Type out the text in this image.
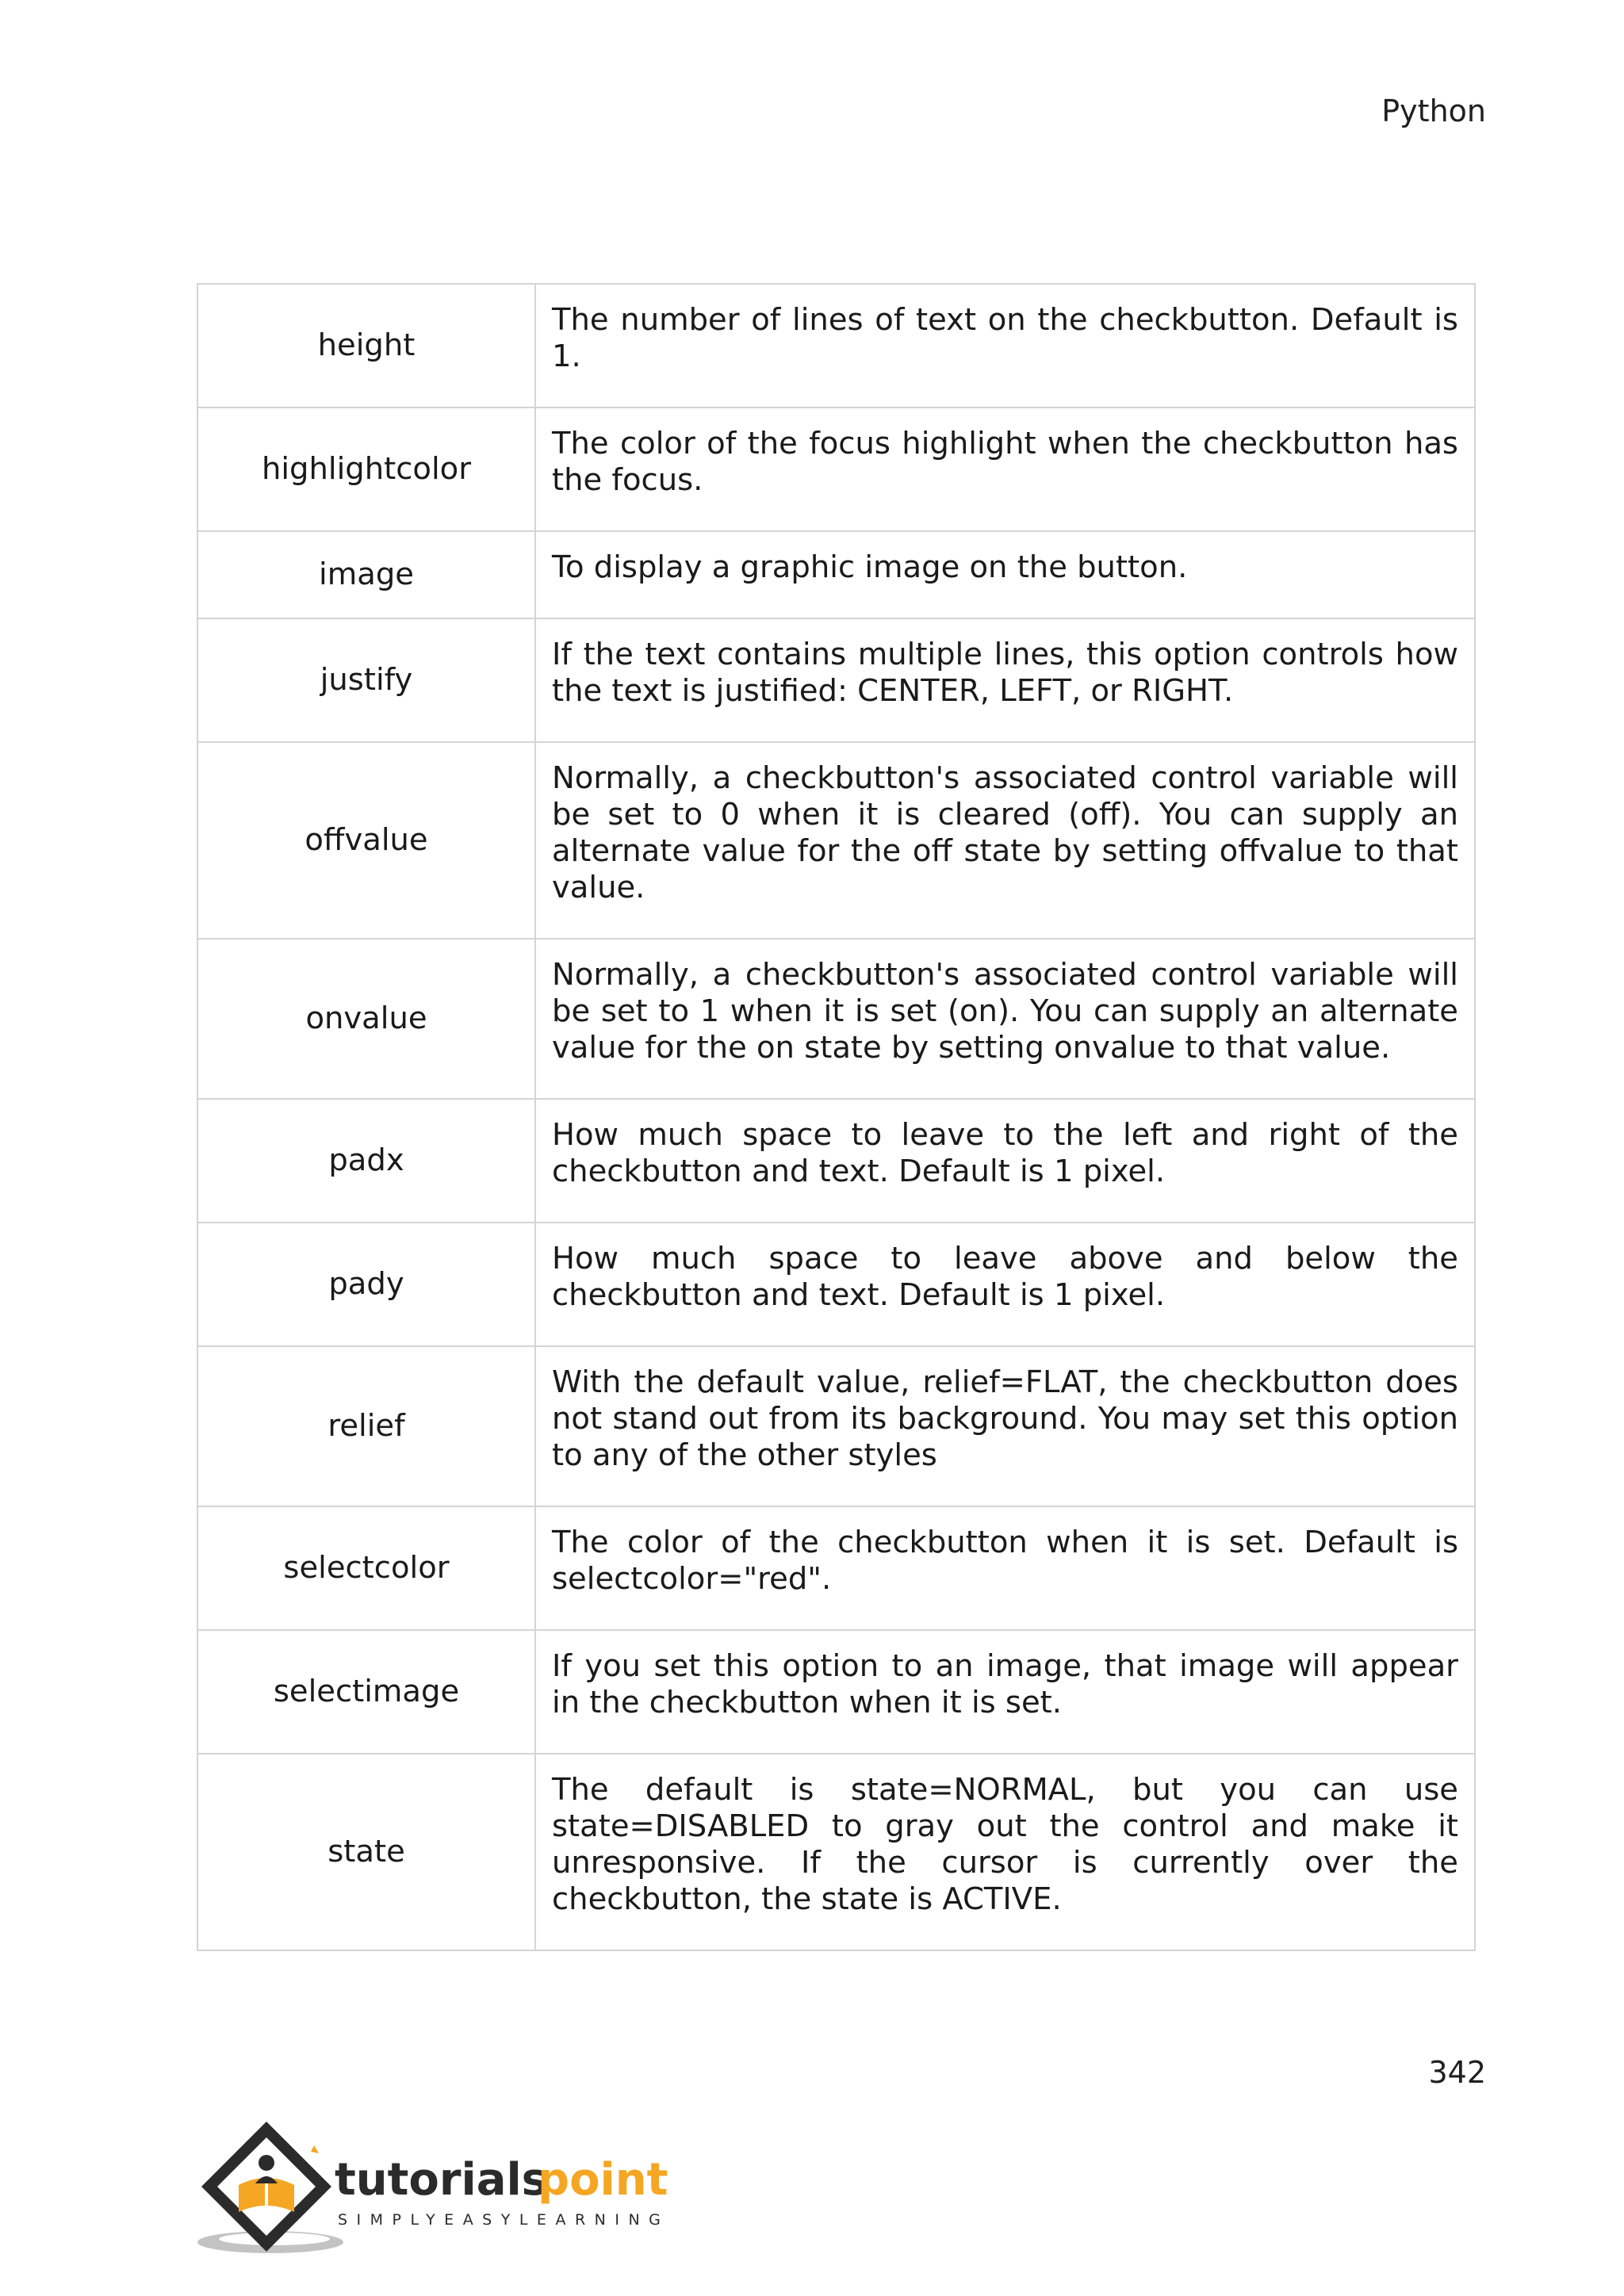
Python
height	The number of lines of text on the checkbutton. Default is 1.

highlightcolor	The color of the focus highlight when the checkbutton has the focus.

image	To display a graphic image on the button.

justify	If the text contains multiple lines, this option controls how the text is justified: CENTER, LEFT, or RIGHT.

offvalue	Normally, a checkbutton's associated control variable will be set to 0 when it is cleared (off). You can supply an alternate value for the off state by setting offvalue to that value.

onvalue	Normally, a checkbutton's associated control variable will be set to 1 when it is set (on). You can supply an alternate value for the on state by setting onvalue to that value.

padx	How much space to leave to the left and right of the checkbutton and text. Default is 1 pixel.

pady	How much space to leave above and below the checkbutton and text. Default is 1 pixel.

relief	With the default value, relief=FLAT, the checkbutton does not stand out from its background. You may set this option to any of the other styles

selectcolor	The color of the checkbutton when it is set. Default is selectcolor="red".

selectimage	If you set this option to an image, that image will appear in the checkbutton when it is set.

state	The default is state=NORMAL, but you can use state=DISABLED to gray out the control and make it unresponsive. If the cursor is currently over the checkbutton, the state is ACTIVE.
342
tutorials
point
SIMPLYEASYLEARNING
